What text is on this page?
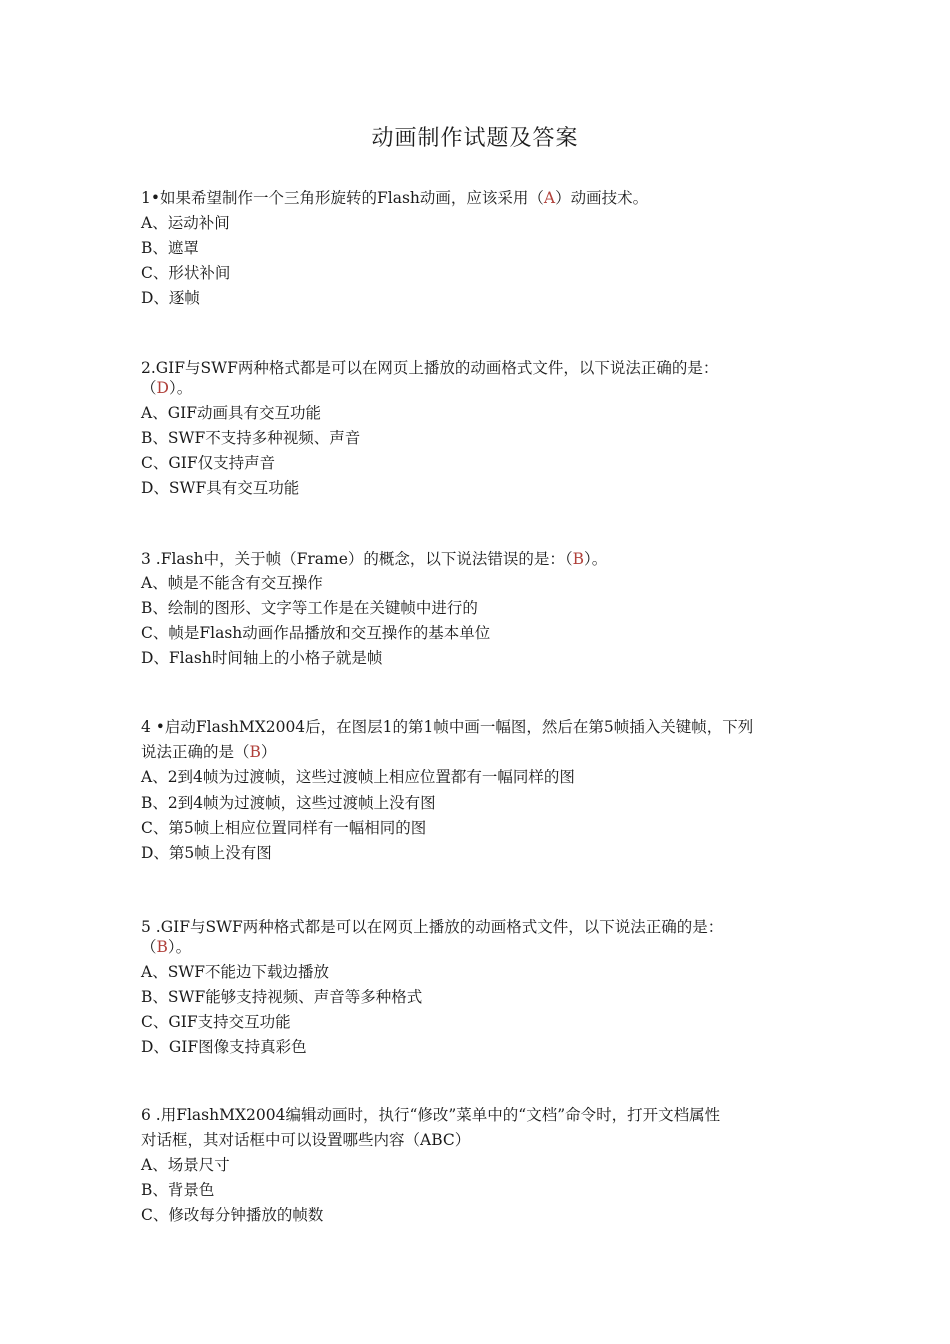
动画制作试题及答案
1•如果希望制作一个三角形旋转的Flash动画，应该采用（A）动画技术。
A、运动补间
B、遮罩
C、形状补间
D、逐帧
2.GIF与SWF两种格式都是可以在网页上播放的动画格式文件，以下说法正确的是：
（D）。
A、GIF动画具有交互功能
B、SWF不支持多种视频、声音
C、GIF仅支持声音
D、SWF具有交互功能
3 .Flash中，关于帧（Frame）的概念，以下说法错误的是：（B）。
A、帧是不能含有交互操作
B、绘制的图形、文字等工作是在关键帧中进行的
C、帧是Flash动画作品播放和交互操作的基本单位
D、Flash时间轴上的小格子就是帧
4 •启动FlashMX2004后，在图层1的第1帧中画一幅图，然后在第5帧插入关键帧，下列
说法正确的是（B）
A、2到4帧为过渡帧，这些过渡帧上相应位置都有一幅同样的图
B、2到4帧为过渡帧，这些过渡帧上没有图
C、第5帧上相应位置同样有一幅相同的图
D、第5帧上没有图
5 .GIF与SWF两种格式都是可以在网页上播放的动画格式文件，以下说法正确的是：
（B）。
A、SWF不能边下载边播放
B、SWF能够支持视频、声音等多种格式
C、GIF支持交互功能
D、GIF图像支持真彩色
6 .用FlashMX2004编辑动画时，执行“修改”菜单中的“文档”命令时，打开文档属性
对话框，其对话框中可以设置哪些内容（ABC）
A、场景尺寸
B、背景色
C、修改每分钟播放的帧数
